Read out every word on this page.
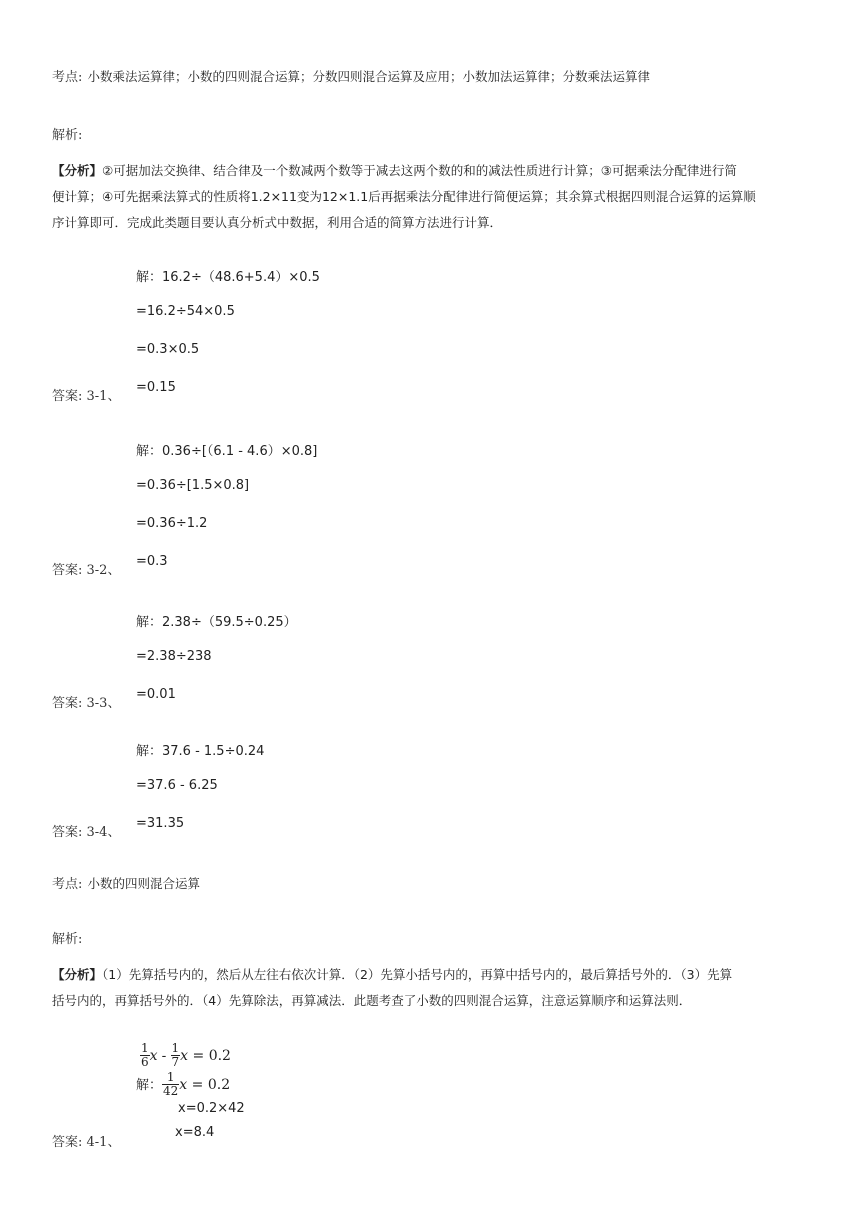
考点: 小数乘法运算律；小数的四则混合运算；分数四则混合运算及应用；小数加法运算律；分数乘法运算律
解析:
【分析】②可据加法交换律、结合律及一个数减两个数等于减去这两个数的和的减法性质进行计算；③可据乘法分配律进行简
便计算；④可先据乘法算式的性质将1.2×11变为12×1.1后再据乘法分配律进行简便运算；其余算式根据四则混合运算的运算顺
序计算即可．完成此类题目要认真分析式中数据，利用合适的简算方法进行计算．
解：16.2÷（48.6+5.4）×0.5
=16.2÷54×0.5
=0.3×0.5
答案: 3-1、
=0.15
解：0.36÷[（6.1 - 4.6）×0.8]
=0.36÷[1.5×0.8]
=0.36÷1.2
答案: 3-2、
=0.3
解：2.38÷（59.5÷0.25）
=2.38÷238
答案: 3-3、
=0.01
解：37.6 - 1.5÷0.24
=37.6 - 6.25
答案: 3-4、
=31.35
考点: 小数的四则混合运算
解析:
【分析】（1）先算括号内的，然后从左往右依次计算．（2）先算小括号内的，再算中括号内的，最后算括号外的．（3）先算
括号内的，再算括号外的．（4）先算除法，再算减法．此题考查了小数的四则混合运算，注意运算顺序和运算法则．
$\frac{1}{6}$ x - $\frac{1}{7}$ x = 0.2
解： $\frac{1}{42}$ x = 0.2
x=0.2×42
答案: 4-1、
x=8.4
